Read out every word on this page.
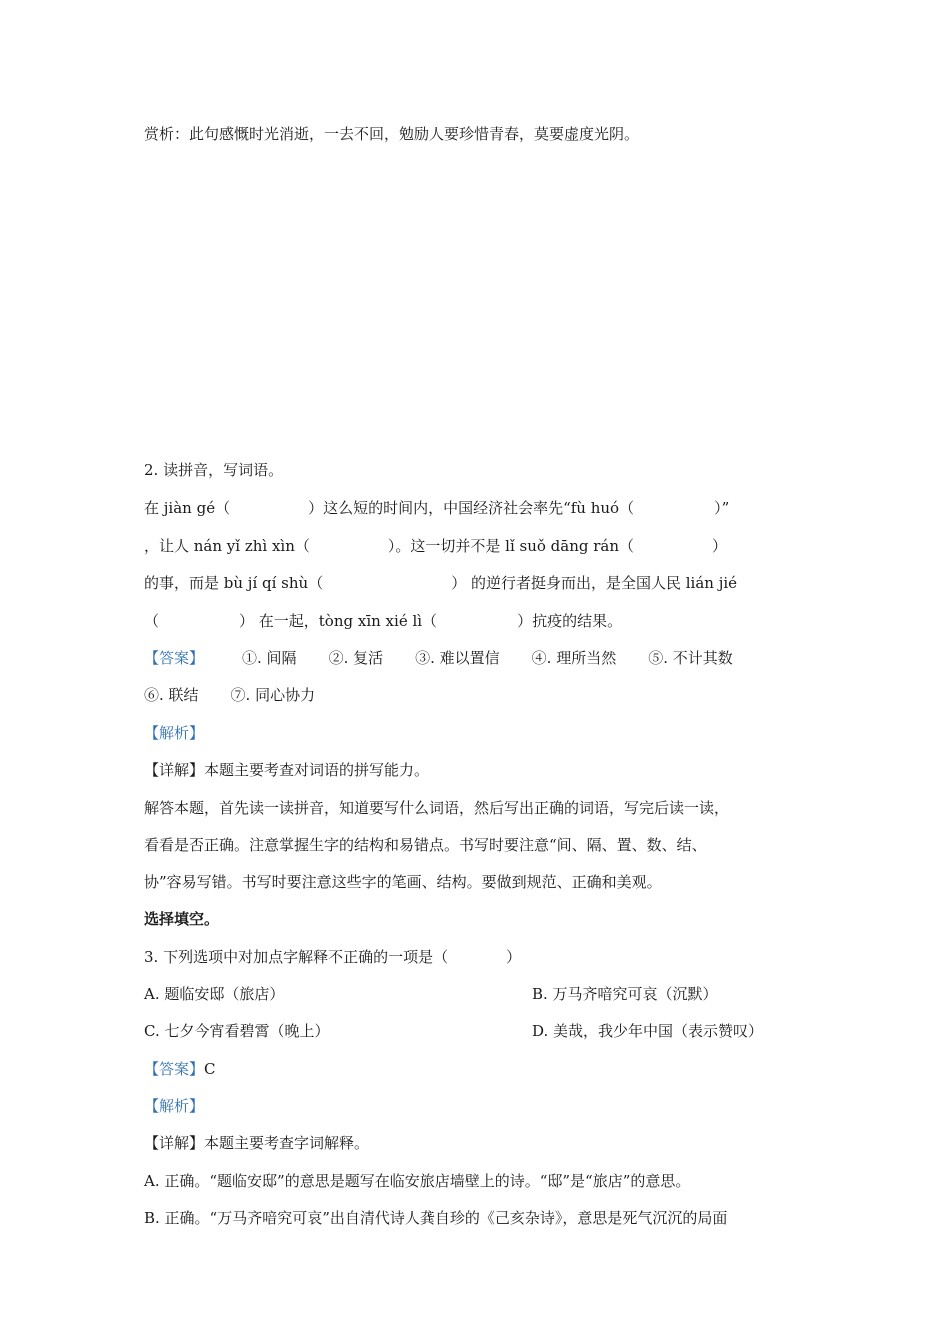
赏析：此句感慨时光消逝，一去不回，勉励人要珍惜青春，莫要虚度光阴。
2. 读拼音，写词语。
在 jiàn gé（	）这么短的时间内，中国经济社会率先“fù huó（	）”
，让人 nán yǐ zhì xìn（	）。这一切并不是 lǐ suǒ dāng rán（	）
的事，而是 bù jí qí shù（	） 的逆行者挺身而出，是全国人民 lián jié
（	） 在一起，tòng xīn xié lì（	）抗疫的结果。
【答案】	①. 间隔 ②. 复活 ③. 难以置信 ④. 理所当然 ⑤. 不计其数
⑥. 联结 ⑦. 同心协力
【解析】
【详解】本题主要考查对词语的拼写能力。
解答本题，首先读一读拼音，知道要写什么词语，然后写出正确的词语，写完后读一读，
看看是否正确。注意掌握生字的结构和易错点。书写时要注意“间、隔、置、数、结、
协”容易写错。书写时要注意这些字的笔画、结构。要做到规范、正确和美观。
选择填空。
3. 下列选项中对加点字解释不正确的一项是（	）
A. 题临安邸（旅店）	B. 万马齐喑究可哀（沉默）
C. 七夕今宵看碧霄（晚上）	D. 美哉，我少年中国（表示赞叹）
【答案】C
【解析】
【详解】本题主要考查字词解释。
A. 正确。“题临安邸”的意思是题写在临安旅店墙壁上的诗。“邸”是“旅店”的意思。
B. 正确。“万马齐喑究可哀”出自清代诗人龚自珍的《己亥杂诗》，意思是死气沉沉的局面
